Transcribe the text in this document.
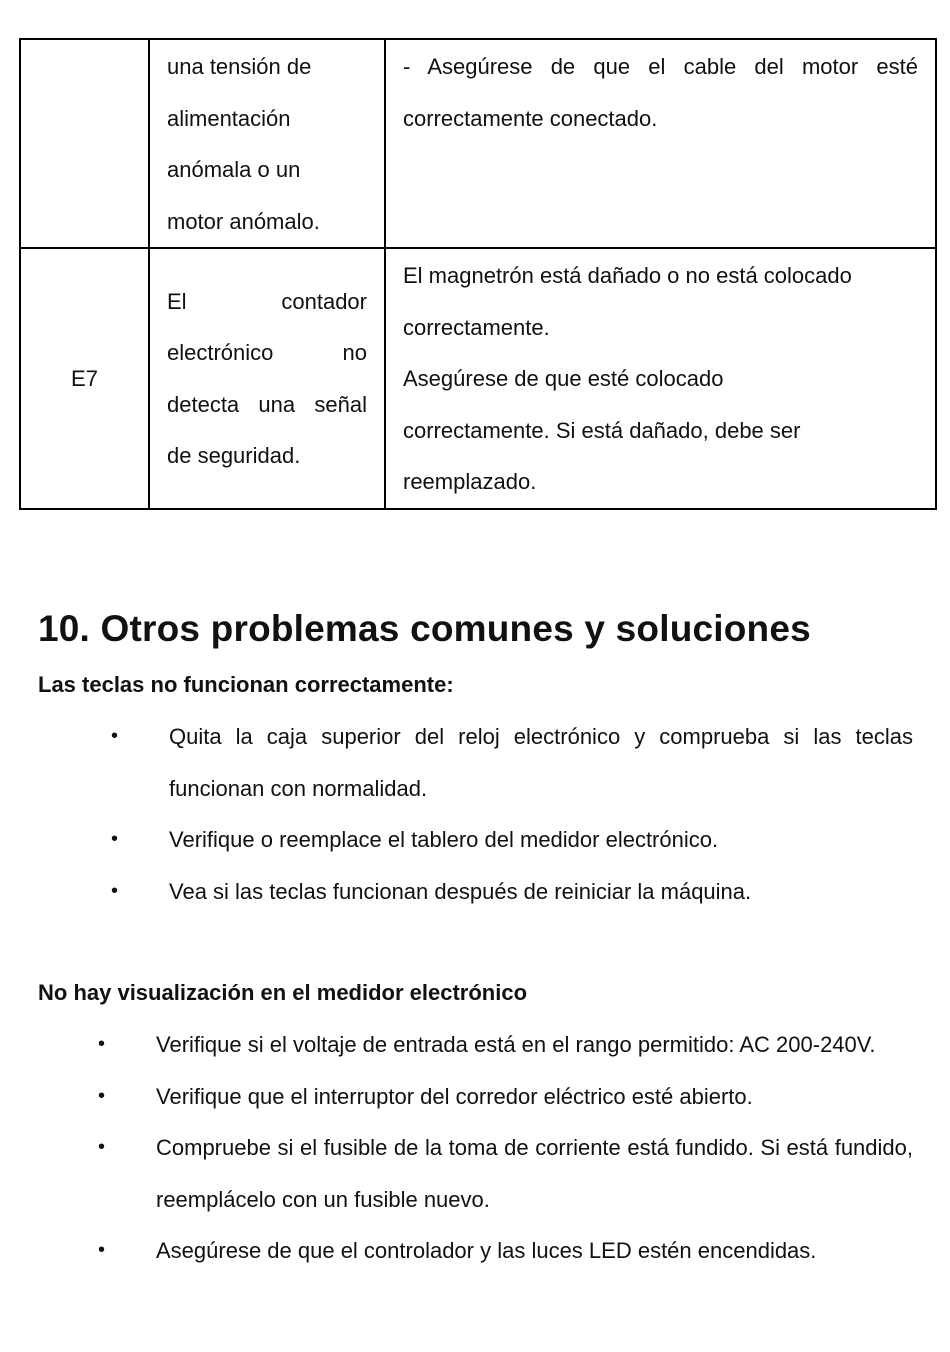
	una tensión de
alimentación
anómala o un
motor anómalo.	- Asegúrese de que el cable del motor esté
correctamente conectado.

E7	El contador
electrónico no
detecta una señal
de seguridad.	El magnetrón está dañado o no está colocado
correctamente.
Asegúrese de que esté colocado
correctamente. Si está dañado, debe ser
reemplazado.
10. Otros problemas comunes y soluciones

Las teclas no funcionan correctamente:

• Quita la caja superior del reloj electrónico y comprueba si las teclas funcionan con normalidad.
• Verifique o reemplace el tablero del medidor electrónico.
• Vea si las teclas funcionan después de reiniciar la máquina.

No hay visualización en el medidor electrónico

• Verifique si el voltaje de entrada está en el rango permitido: AC 200-240V.
• Verifique que el interruptor del corredor eléctrico esté abierto.
• Compruebe si el fusible de la toma de corriente está fundido. Si está fundido, reemplácelo con un fusible nuevo.
• Asegúrese de que el controlador y las luces LED estén encendidas.
